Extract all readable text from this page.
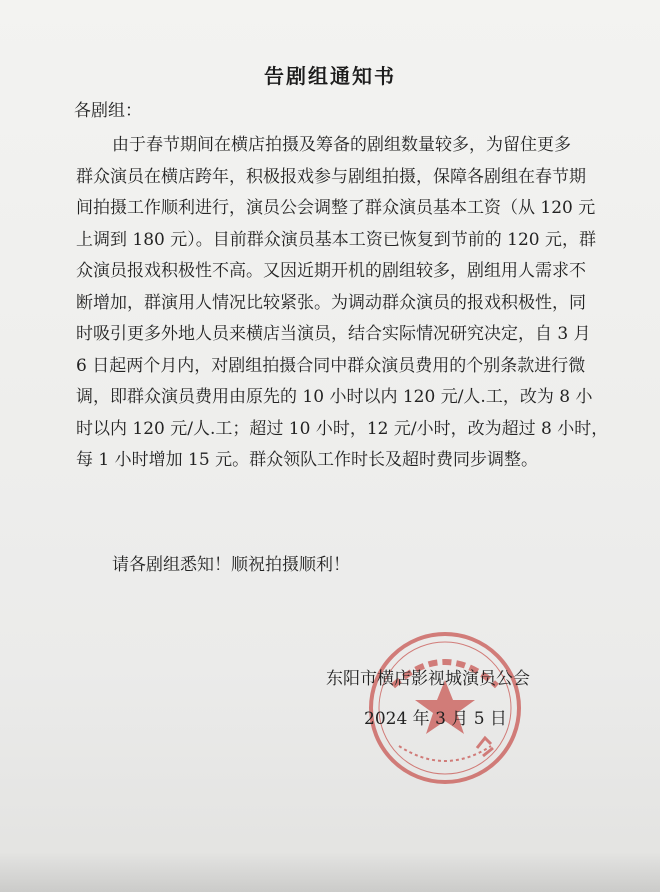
告剧组通知书
各剧组：
由于春节期间在横店拍摄及筹备的剧组数量较多，为留住更多
群众演员在横店跨年，积极报戏参与剧组拍摄，保障各剧组在春节期
间拍摄工作顺利进行，演员公会调整了群众演员基本工资（从 120 元
上调到 180 元）。目前群众演员基本工资已恢复到节前的 120 元，群
众演员报戏积极性不高。又因近期开机的剧组较多，剧组用人需求不
断增加，群演用人情况比较紧张。为调动群众演员的报戏积极性，同
时吸引更多外地人员来横店当演员，结合实际情况研究决定，自 3 月
6 日起两个月内，对剧组拍摄合同中群众演员费用的个别条款进行微
调，即群众演员费用由原先的 10 小时以内 120 元/人.工，改为 8 小
时以内 120 元/人.工；超过 10 小时，12 元/小时，改为超过 8 小时，
每 1 小时增加 15 元。群众领队工作时长及超时费同步调整。
请各剧组悉知！顺祝拍摄顺利！
东阳市横店影视城演员公会
2024 年 3 月 5 日
